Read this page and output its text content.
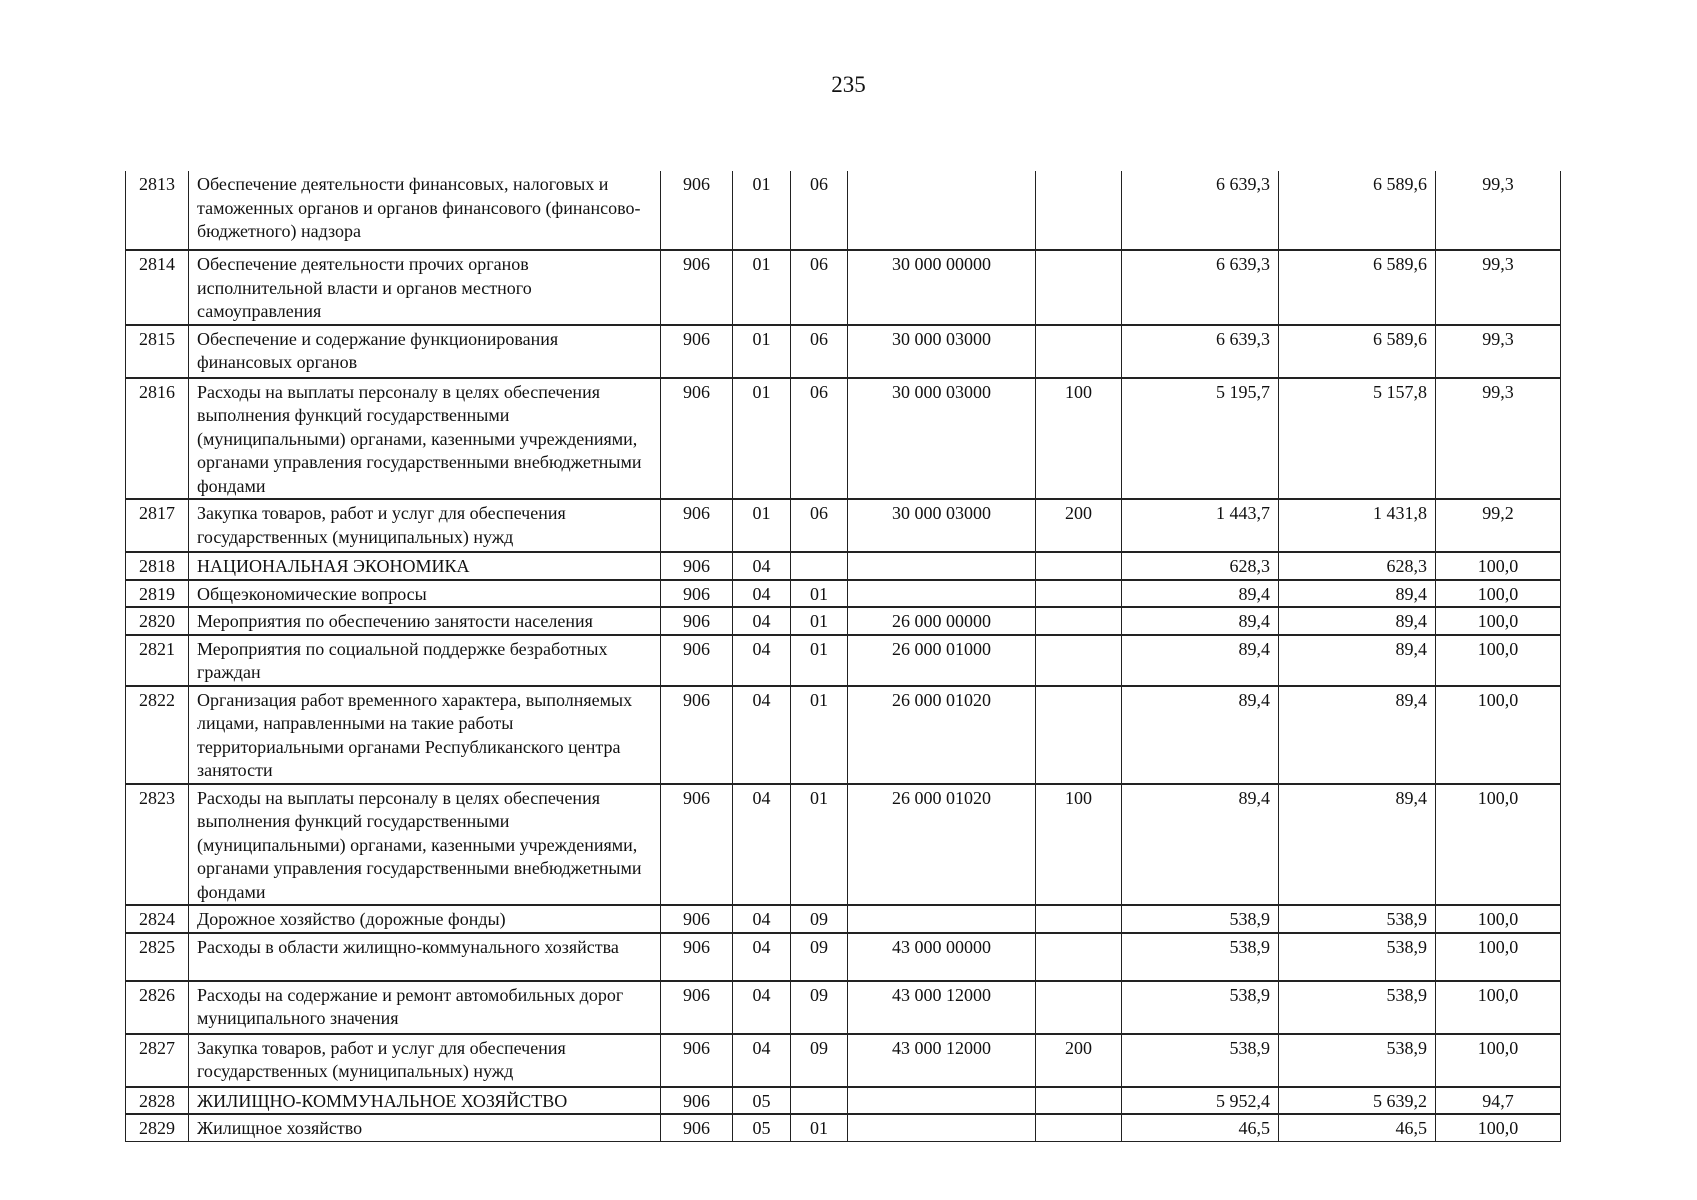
235
2813	Обеспечение деятельности финансовых, налоговых и таможенных органов и органов финансового (финансово-бюджетного) надзора	906	01	06			6 639,3	6 589,6	99,3
2814	Обеспечение деятельности прочих органов исполнительной власти и органов местного самоуправления	906	01	06	30 000 00000		6 639,3	6 589,6	99,3
2815	Обеспечение и содержание функционирования финансовых органов	906	01	06	30 000 03000		6 639,3	6 589,6	99,3
2816	Расходы на выплаты персоналу в целях обеспечения выполнения функций государственными (муниципальными) органами, казенными учреждениями, органами управления государственными внебюджетными фондами	906	01	06	30 000 03000	100	5 195,7	5 157,8	99,3
2817	Закупка товаров, работ и услуг для обеспечения государственных (муниципальных) нужд	906	01	06	30 000 03000	200	1 443,7	1 431,8	99,2
2818	НАЦИОНАЛЬНАЯ ЭКОНОМИКА	906	04				628,3	628,3	100,0
2819	Общеэкономические вопросы	906	04	01			89,4	89,4	100,0
2820	Мероприятия по обеспечению занятости населения	906	04	01	26 000 00000		89,4	89,4	100,0
2821	Мероприятия по социальной поддержке безработных граждан	906	04	01	26 000 01000		89,4	89,4	100,0
2822	Организация работ временного характера, выполняемых лицами, направленными на такие работы территориальными органами Республиканского центра занятости	906	04	01	26 000 01020		89,4	89,4	100,0
2823	Расходы на выплаты персоналу в целях обеспечения выполнения функций государственными (муниципальными) органами, казенными учреждениями, органами управления государственными внебюджетными фондами	906	04	01	26 000 01020	100	89,4	89,4	100,0
2824	Дорожное хозяйство (дорожные фонды)	906	04	09			538,9	538,9	100,0
2825	Расходы в области жилищно-коммунального хозяйства	906	04	09	43 000 00000		538,9	538,9	100,0
2826	Расходы на содержание и ремонт автомобильных дорог муниципального значения	906	04	09	43 000 12000		538,9	538,9	100,0
2827	Закупка товаров, работ и услуг для обеспечения государственных (муниципальных) нужд	906	04	09	43 000 12000	200	538,9	538,9	100,0
2828	ЖИЛИЩНО-КОММУНАЛЬНОЕ ХОЗЯЙСТВО	906	05				5 952,4	5 639,2	94,7
2829	Жилищное хозяйство	906	05	01			46,5	46,5	100,0
